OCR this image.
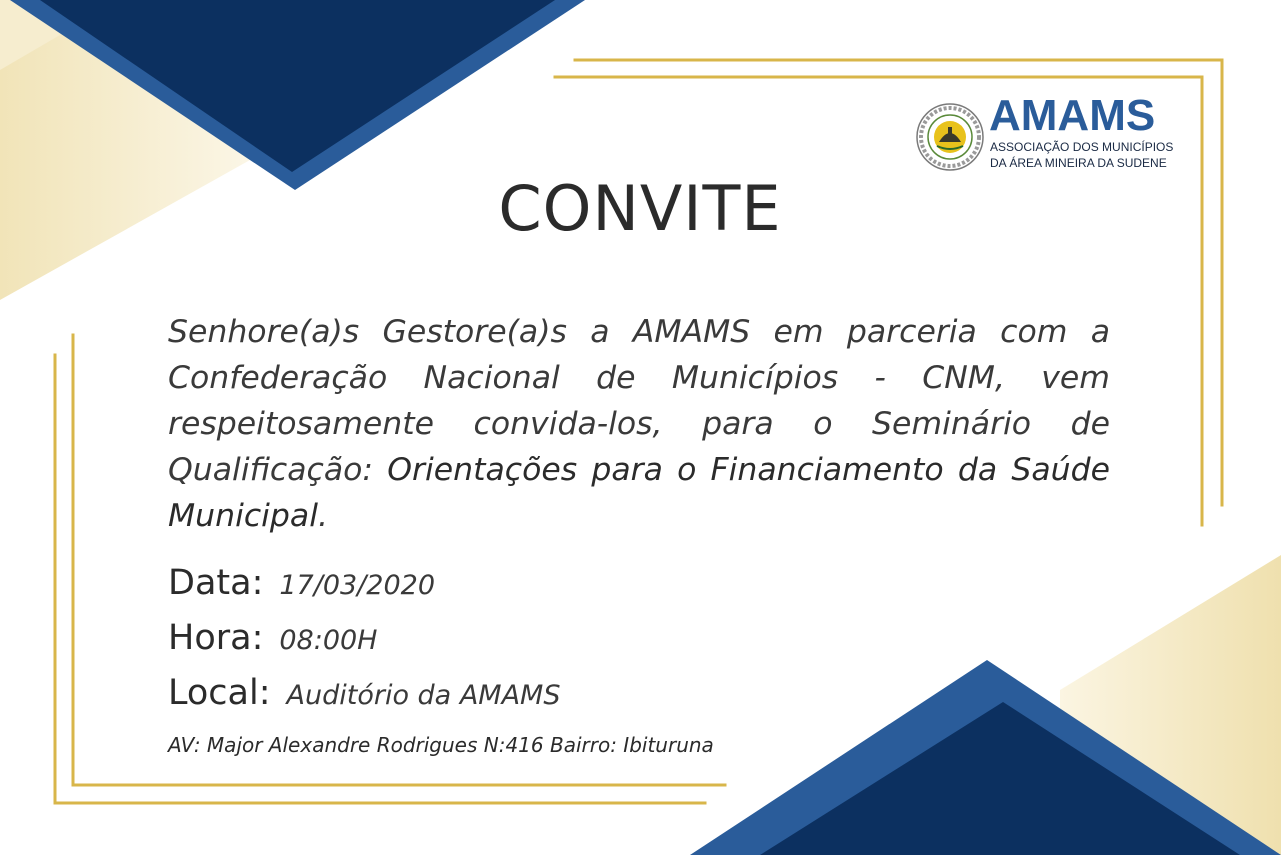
AMAMS
ASSOCIAÇÃO DOS MUNICÍPIOS
DA ÁREA MINEIRA DA SUDENE
CONVITE
Senhore(a)s Gestore(a)s a AMAMS em parceria com a Confederação Nacional de Municípios - CNM, vem respeitosamente convida-los, para o Seminário de Qualificação: Orientações para o Financiamento da Saúde Municipal.
Data: 17/03/2020
Hora: 08:00H
Local: Auditório da AMAMS
AV: Major Alexandre Rodrigues N:416 Bairro: Ibituruna
